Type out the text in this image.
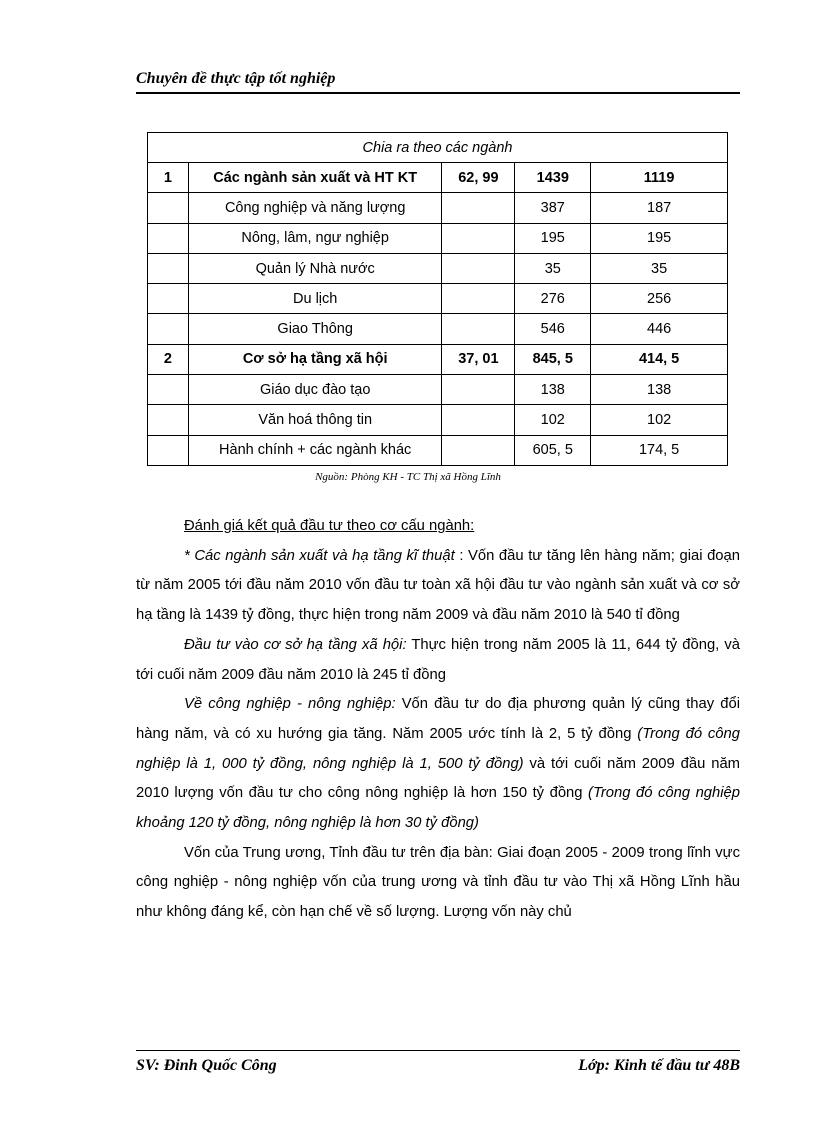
Chuyên đề thực tập tốt nghiệp
Chia ra theo các ngành				
1	Các ngành sản xuất và HT KT	62, 99	1439	1119
	Công nghiệp và năng lượng		387	187
	Nông, lâm, ngư nghiệp		195	195
	Quản lý Nhà nước		35	35
	Du lịch		276	256
	Giao Thông		546	446
2	Cơ sở hạ tầng xã hội	37, 01	845, 5	414, 5
	Giáo dục đào tạo		138	138
	Văn hoá thông tin		102	102
	Hành chính + các ngành khác		605, 5	174, 5
Nguồn: Phòng KH - TC Thị xã Hồng Lĩnh

Đánh giá kết quả đầu tư theo cơ cấu ngành:

* Các ngành sản xuất và hạ tầng kĩ thuật : Vốn đầu tư tăng lên hàng năm; giai đoạn từ năm 2005 tới đầu năm 2010 vốn đầu tư toàn xã hội đầu tư vào ngành sản xuất và cơ sở hạ tầng là 1439 tỷ đồng, thực hiện trong năm 2009 và đầu năm 2010 là 540 tỉ đồng

Đầu tư vào cơ sở hạ tầng xã hội: Thực hiện trong năm 2005 là 11, 644 tỷ đồng, và tới cuối năm 2009 đầu năm 2010 là 245 tỉ đồng

Về công nghiệp - nông nghiệp: Vốn đầu tư do địa phương quản lý cũng thay đổi hàng năm, và có xu hướng gia tăng. Năm 2005 ước tính là 2, 5 tỷ đồng (Trong đó công nghiệp là 1, 000 tỷ đồng, nông nghiệp là 1, 500 tỷ đồng) và tới cuối năm 2009 đầu năm 2010 lượng vốn đầu tư cho công nông nghiệp là hơn 150 tỷ đồng (Trong đó công nghiệp khoảng 120 tỷ đồng, nông nghiệp là hơn 30 tỷ đồng)

Vốn của Trung ương, Tỉnh đầu tư trên địa bàn: Giai đoạn 2005 - 2009 trong lĩnh vực công nghiệp - nông nghiệp vốn của trung ương và tỉnh đầu tư vào Thị xã Hồng Lĩnh hầu như không đáng kể, còn hạn chế về số lượng. Lượng vốn này chủ

SV: Đinh Quốc Công	Lớp: Kinh tế đầu tư 48B
